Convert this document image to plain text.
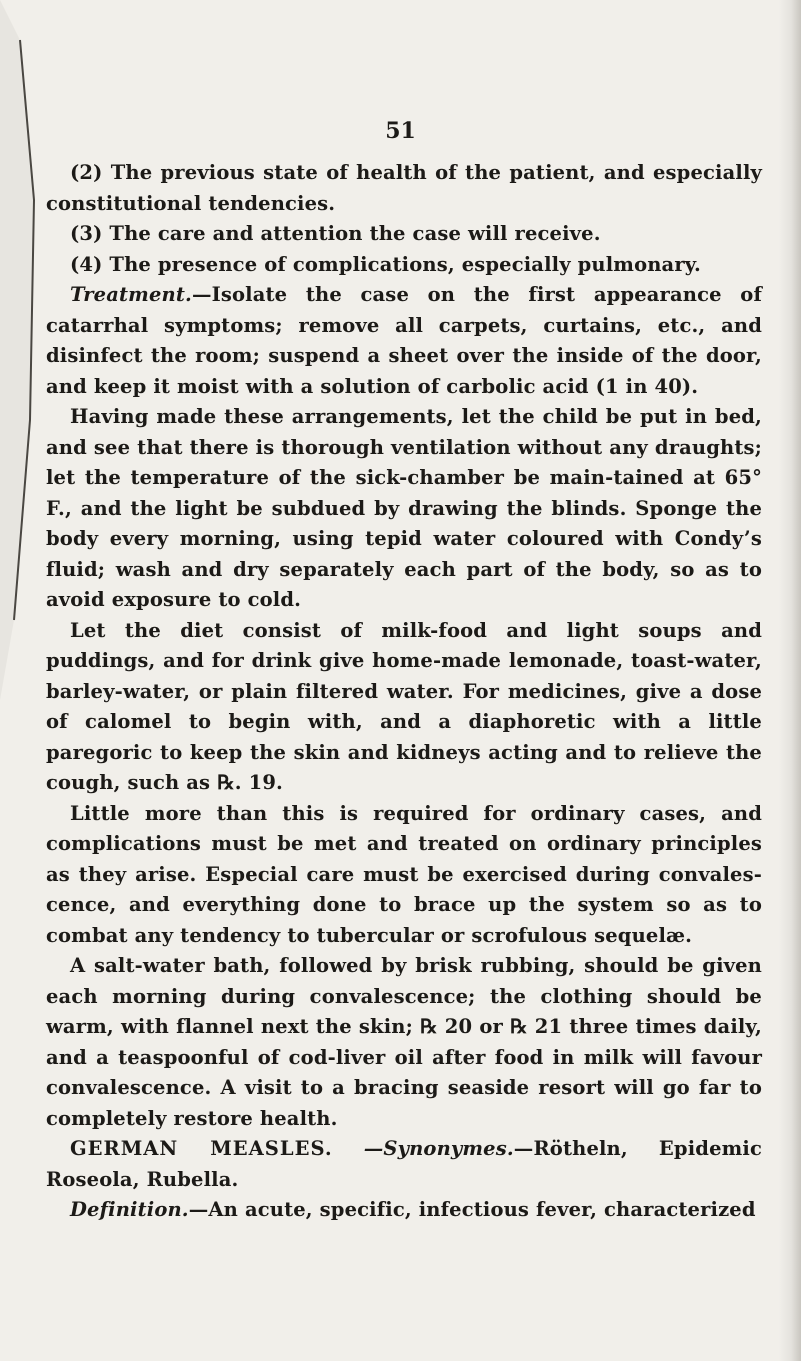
51

(2) The previous state of health of the patient, and especially constitutional tendencies.

(3) The care and attention the case will receive.

(4) The presence of complications, especially pulmonary.

Treatment.—Isolate the case on the first appearance of catarrhal symptoms; remove all carpets, curtains, etc., and disinfect the room; suspend a sheet over the inside of the door, and keep it moist with a solution of carbolic acid (1 in 40).

Having made these arrangements, let the child be put in bed, and see that there is thorough ventilation without any draughts; let the temperature of the sick-chamber be main-tained at 65° F., and the light be subdued by drawing the blinds. Sponge the body every morning, using tepid water coloured with Condy’s fluid; wash and dry separately each part of the body, so as to avoid exposure to cold.

Let the diet consist of milk-food and light soups and puddings, and for drink give home-made lemonade, toast-water, barley-water, or plain filtered water. For medicines, give a dose of calomel to begin with, and a diaphoretic with a little paregoric to keep the skin and kidneys acting and to relieve the cough, such as ℞. 19.

Little more than this is required for ordinary cases, and complications must be met and treated on ordinary principles as they arise. Especial care must be exercised during convales-cence, and everything done to brace up the system so as to combat any tendency to tubercular or scrofulous sequelæ.

A salt-water bath, followed by brisk rubbing, should be given each morning during convalescence; the clothing should be warm, with flannel next the skin; ℞ 20 or ℞ 21 three times daily, and a teaspoonful of cod-liver oil after food in milk will favour convalescence. A visit to a bracing seaside resort will go far to completely restore health.

GERMAN MEASLES. —Synonymes.—Rötheln, Epidemic Roseola, Rubella.

Definition.—An acute, specific, infectious fever, characterized
